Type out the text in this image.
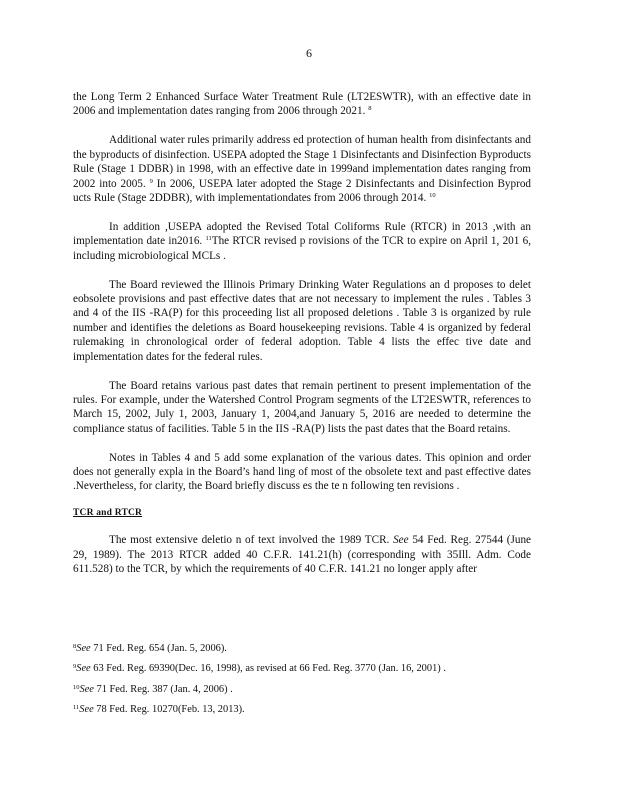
6

the Long Term 2 Enhanced Surface Water Treatment Rule (LT2ESWTR), with an effective date in 2006 and implementation dates ranging from 2006 through 2021. $^8$

Additional water rules primarily address ed protection of human health from disinfectants and the byproducts of disinfection. USEPA adopted the Stage 1 Disinfectants and Disinfection Byproducts Rule (Stage 1 DDBR) in 1998, with an effective date in 1999and implementation dates ranging from 2002 into 2005. $^9$ In 2006, USEPA later adopted the Stage 2 Disinfectants and Disinfection Byprod ucts Rule (Stage 2DDBR), with implementationdates from 2006 through 2014. $^{10}$

In addition ,USEPA adopted the Revised Total Coliforms Rule (RTCR) in 2013 ,with an implementation date in2016. $^{11}$The RTCR revised p rovisions of the TCR to expire on April 1, 201 6, including microbiological MCLs .

The Board reviewed the Illinois Primary Drinking Water Regulations an d proposes to delet eobsolete provisions and past effective dates that are not necessary to implement the rules . Tables 3 and 4 of the IIS -RA(P) for this proceeding list all proposed deletions . Table 3 is organized by rule number and identifies the deletions as Board housekeeping revisions. Table 4 is organized by federal rulemaking in chronological order of federal adoption. Table 4 lists the effec tive date and implementation dates for the federal rules.

The Board retains various past dates that remain pertinent to present implementation of the rules. For example, under the Watershed Control Program segments of the LT2ESWTR, references to March 15, 2002, July 1, 2003, January 1, 2004,and January 5, 2016 are needed to determine the compliance status of facilities. Table 5 in the IIS -RA(P) lists the past dates that the Board retains.

Notes in Tables 4 and 5 add some explanation of the various dates. This opinion and order does not generally expla in the Board’s hand ling of most of the obsolete text and past effective dates .Nevertheless, for clarity, the Board briefly discuss es the te n following ten revisions .

TCR and RTCR

The most extensive deletio n of text involved the 1989 TCR. See 54 Fed. Reg. 27544 (June 29, 1989). The 2013 RTCR added 40 C.F.R. 141.21(h) (corresponding with 35Ill. Adm. Code 611.528) to the TCR, by which the requirements of 40 C.F.R. 141.21 no longer apply after

$^8$See 71 Fed. Reg. 654 (Jan. 5, 2006).
$^9$See 63 Fed. Reg. 69390(Dec. 16, 1998), as revised at 66 Fed. Reg. 3770 (Jan. 16, 2001) .
$^{10}$See 71 Fed. Reg. 387 (Jan. 4, 2006) .
$^{11}$See 78 Fed. Reg. 10270(Feb. 13, 2013).
